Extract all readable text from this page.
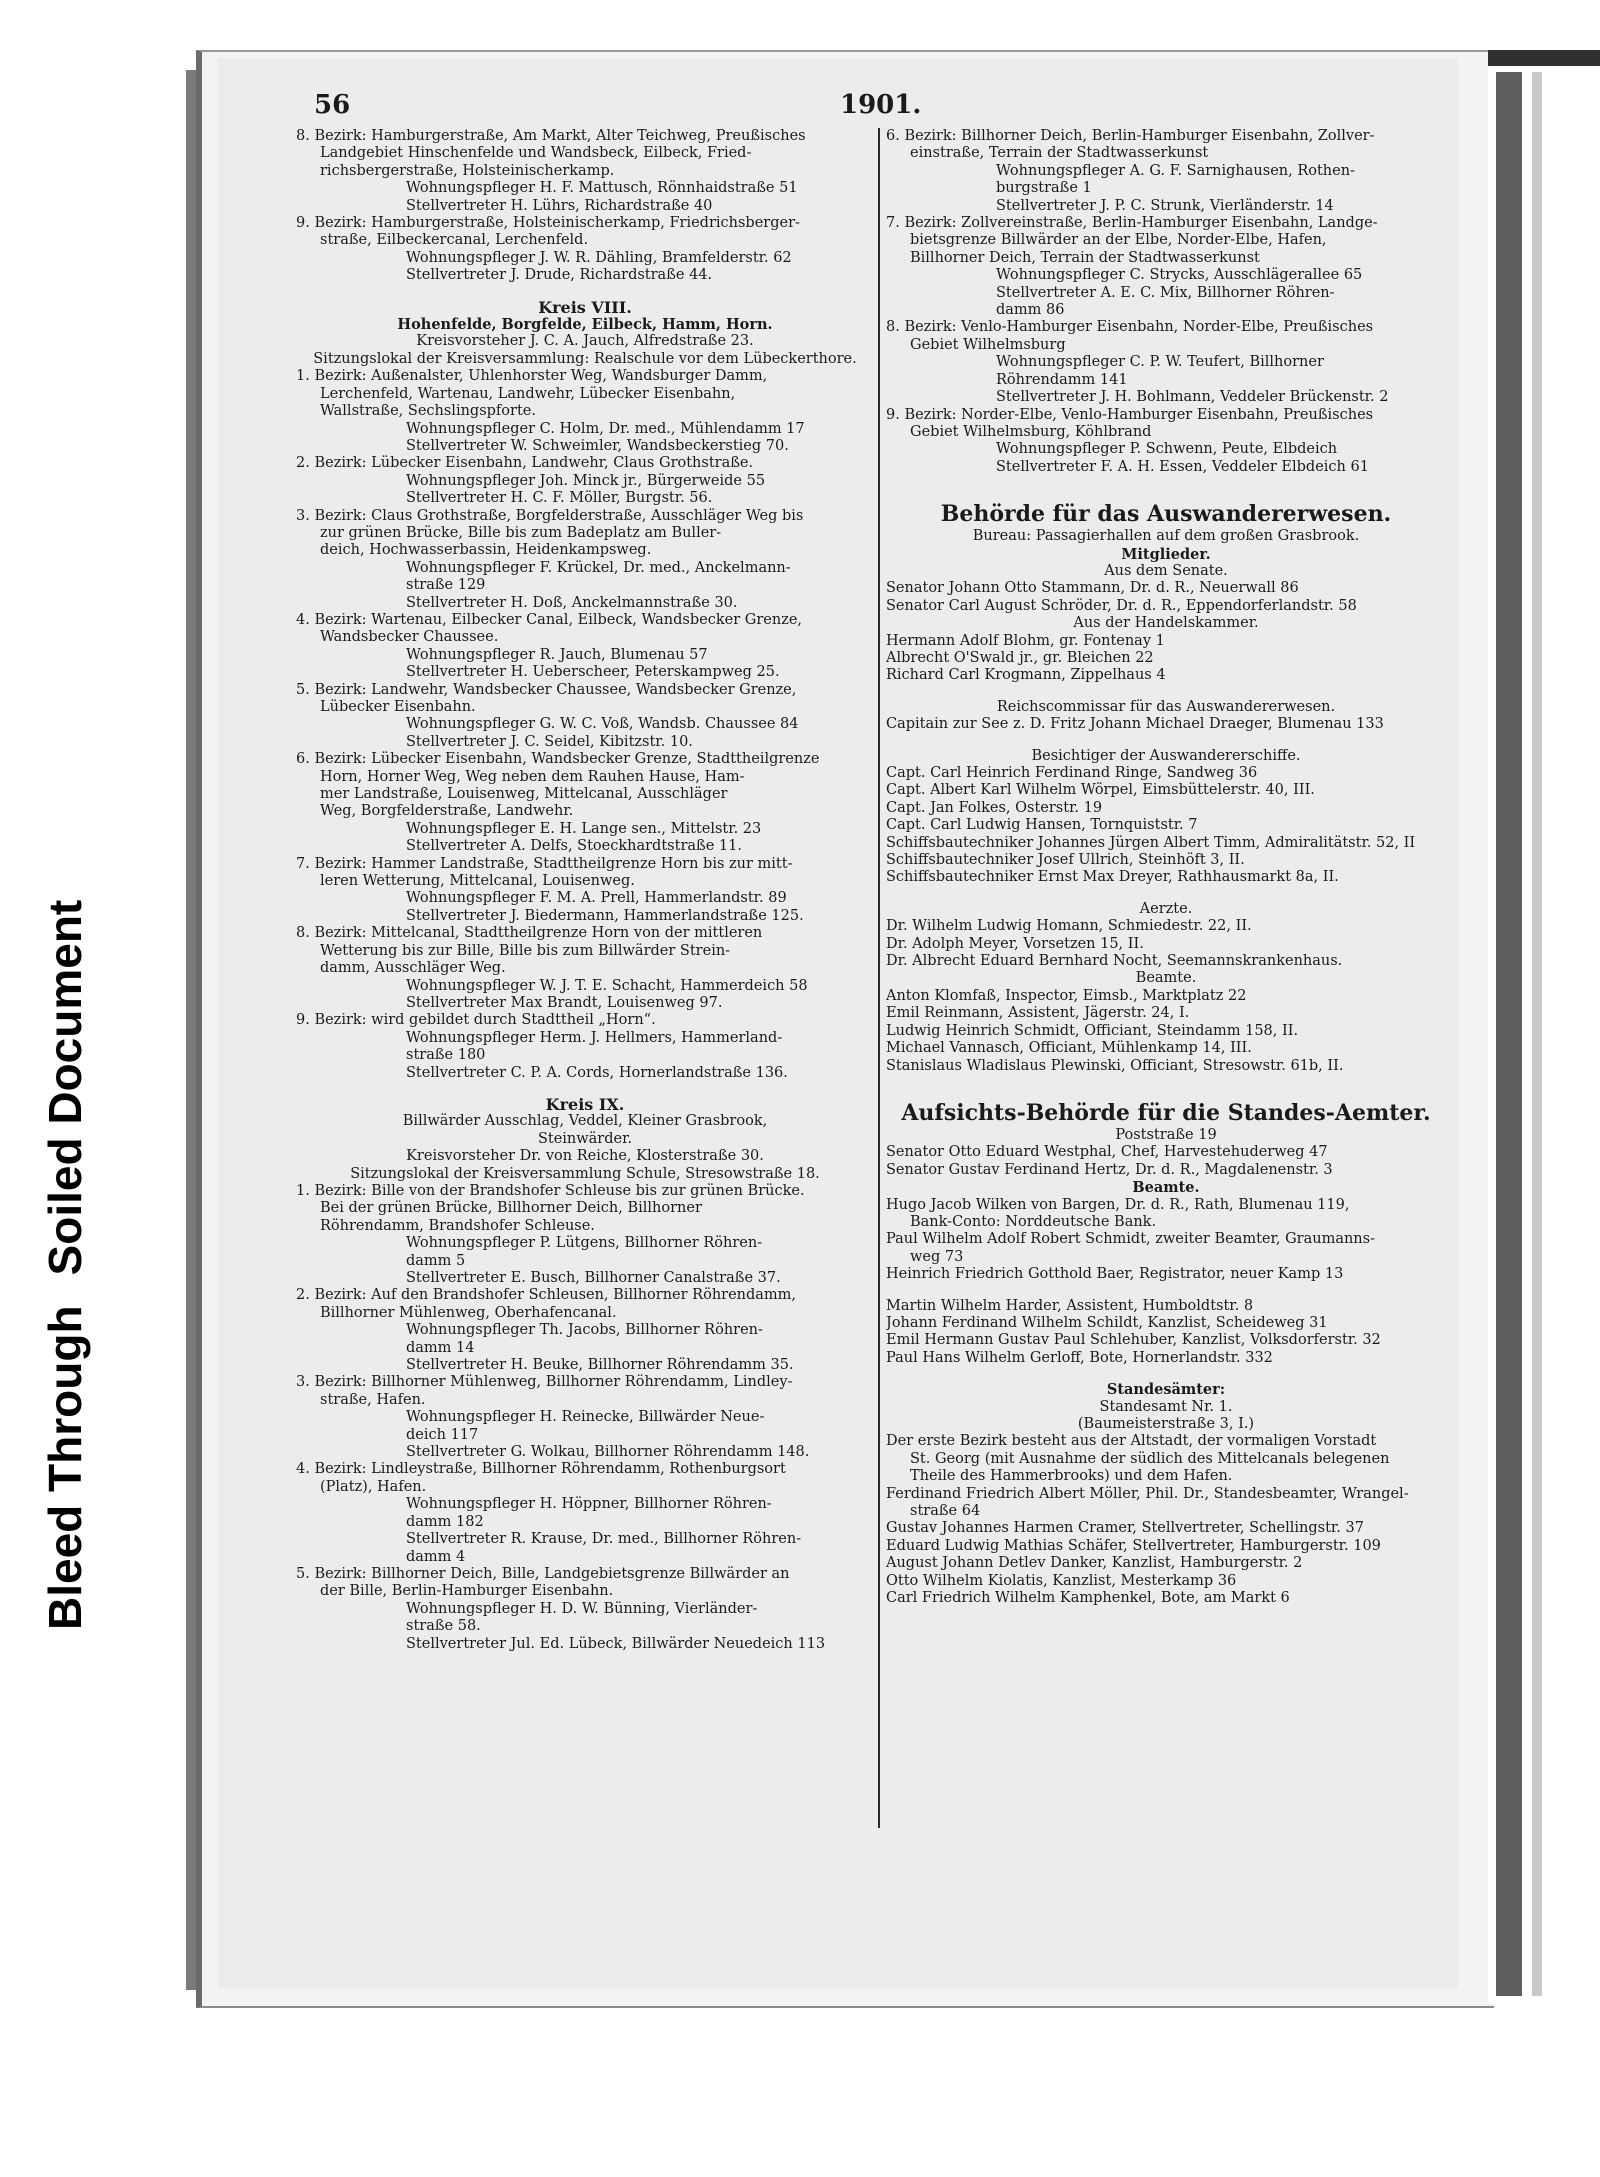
Bleed ThroughSoiled Document
56	1901.
8. Bezirk: Hamburgerstraße, Am Markt, Alter Teichweg, Preußisches
Landgebiet Hinschenfelde und Wandsbeck, Eilbeck, Fried-
richsbergerstraße, Holsteinischerkamp.
Wohnungspfleger H. F. Mattusch, Rönnhaidstraße 51
Stellvertreter H. Lührs, Richardstraße 40
9. Bezirk: Hamburgerstraße, Holsteinischerkamp, Friedrichsberger-
straße, Eilbeckercanal, Lerchenfeld.
Wohnungspfleger J. W. R. Dähling, Bramfelderstr. 62
Stellvertreter J. Drude, Richardstraße 44.
Kreis VIII.
Hohenfelde, Borgfelde, Eilbeck, Hamm, Horn.
Kreisvorsteher J. C. A. Jauch, Alfredstraße 23.
Sitzungslokal der Kreisversammlung: Realschule vor dem Lübeckerthore.
1. Bezirk: Außenalster, Uhlenhorster Weg, Wandsburger Damm,
Lerchenfeld, Wartenau, Landwehr, Lübecker Eisenbahn,
Wallstraße, Sechslingspforte.
Wohnungspfleger C. Holm, Dr. med., Mühlendamm 17
Stellvertreter W. Schweimler, Wandsbeckerstieg 70.
2. Bezirk: Lübecker Eisenbahn, Landwehr, Claus Grothstraße.
Wohnungspfleger Joh. Minck jr., Bürgerweide 55
Stellvertreter H. C. F. Möller, Burgstr. 56.
3. Bezirk: Claus Grothstraße, Borgfelderstraße, Ausschläger Weg bis
zur grünen Brücke, Bille bis zum Badeplatz am Buller-
deich, Hochwasserbassin, Heidenkampsweg.
Wohnungspfleger F. Krückel, Dr. med., Anckelmann-
straße 129
Stellvertreter H. Doß, Anckelmannstraße 30.
4. Bezirk: Wartenau, Eilbecker Canal, Eilbeck, Wandsbecker Grenze,
Wandsbecker Chaussee.
Wohnungspfleger R. Jauch, Blumenau 57
Stellvertreter H. Ueberscheer, Peterskampweg 25.
5. Bezirk: Landwehr, Wandsbecker Chaussee, Wandsbecker Grenze,
Lübecker Eisenbahn.
Wohnungspfleger G. W. C. Voß, Wandsb. Chaussee 84
Stellvertreter J. C. Seidel, Kibitzstr. 10.
6. Bezirk: Lübecker Eisenbahn, Wandsbecker Grenze, Stadttheilgrenze
Horn, Horner Weg, Weg neben dem Rauhen Hause, Ham-
mer Landstraße, Louisenweg, Mittelcanal, Ausschläger
Weg, Borgfelderstraße, Landwehr.
Wohnungspfleger E. H. Lange sen., Mittelstr. 23
Stellvertreter A. Delfs, Stoeckhardtstraße 11.
7. Bezirk: Hammer Landstraße, Stadttheilgrenze Horn bis zur mitt-
leren Wetterung, Mittelcanal, Louisenweg.
Wohnungspfleger F. M. A. Prell, Hammerlandstr. 89
Stellvertreter J. Biedermann, Hammerlandstraße 125.
8. Bezirk: Mittelcanal, Stadttheilgrenze Horn von der mittleren
Wetterung bis zur Bille, Bille bis zum Billwärder Strein-
damm, Ausschläger Weg.
Wohnungspfleger W. J. T. E. Schacht, Hammerdeich 58
Stellvertreter Max Brandt, Louisenweg 97.
9. Bezirk: wird gebildet durch Stadttheil „Horn“.
Wohnungspfleger Herm. J. Hellmers, Hammerland-
straße 180
Stellvertreter C. P. A. Cords, Hornerlandstraße 136.
Kreis IX.
Billwärder Ausschlag, Veddel, Kleiner Grasbrook,
Steinwärder.
Kreisvorsteher Dr. von Reiche, Klosterstraße 30.
Sitzungslokal der Kreisversammlung Schule, Stresowstraße 18.
1. Bezirk: Bille von der Brandshofer Schleuse bis zur grünen Brücke.
Bei der grünen Brücke, Billhorner Deich, Billhorner
Röhrendamm, Brandshofer Schleuse.
Wohnungspfleger P. Lütgens, Billhorner Röhren-
damm 5
Stellvertreter E. Busch, Billhorner Canalstraße 37.
2. Bezirk: Auf den Brandshofer Schleusen, Billhorner Röhrendamm,
Billhorner Mühlenweg, Oberhafencanal.
Wohnungspfleger Th. Jacobs, Billhorner Röhren-
damm 14
Stellvertreter H. Beuke, Billhorner Röhrendamm 35.
3. Bezirk: Billhorner Mühlenweg, Billhorner Röhrendamm, Lindley-
straße, Hafen.
Wohnungspfleger H. Reinecke, Billwärder Neue-
deich 117
Stellvertreter G. Wolkau, Billhorner Röhrendamm 148.
4. Bezirk: Lindleystraße, Billhorner Röhrendamm, Rothenburgsort
(Platz), Hafen.
Wohnungspfleger H. Höppner, Billhorner Röhren-
damm 182
Stellvertreter R. Krause, Dr. med., Billhorner Röhren-
damm 4
5. Bezirk: Billhorner Deich, Bille, Landgebietsgrenze Billwärder an
der Bille, Berlin-Hamburger Eisenbahn.
Wohnungspfleger H. D. W. Bünning, Vierländer-
straße 58.
Stellvertreter Jul. Ed. Lübeck, Billwärder Neuedeich 113
6. Bezirk: Billhorner Deich, Berlin-Hamburger Eisenbahn, Zollver-
einstraße, Terrain der Stadtwasserkunst
Wohnungspfleger A. G. F. Sarnighausen, Rothen-
burgstraße 1
Stellvertreter J. P. C. Strunk, Vierländerstr. 14
7. Bezirk: Zollvereinstraße, Berlin-Hamburger Eisenbahn, Landge-
bietsgrenze Billwärder an der Elbe, Norder-Elbe, Hafen,
Billhorner Deich, Terrain der Stadtwasserkunst
Wohnungspfleger C. Strycks, Ausschlägerallee 65
Stellvertreter A. E. C. Mix, Billhorner Röhren-
damm 86
8. Bezirk: Venlo-Hamburger Eisenbahn, Norder-Elbe, Preußisches
Gebiet Wilhelmsburg
Wohnungspfleger C. P. W. Teufert, Billhorner
Röhrendamm 141
Stellvertreter J. H. Bohlmann, Veddeler Brückenstr. 2
9. Bezirk: Norder-Elbe, Venlo-Hamburger Eisenbahn, Preußisches
Gebiet Wilhelmsburg, Köhlbrand
Wohnungspfleger P. Schwenn, Peute, Elbdeich
Stellvertreter F. A. H. Essen, Veddeler Elbdeich 61
Behörde für das Auswandererwesen.
Bureau: Passagierhallen auf dem großen Grasbrook.
Mitglieder.
Aus dem Senate.
Senator Johann Otto Stammann, Dr. d. R., Neuerwall 86
Senator Carl August Schröder, Dr. d. R., Eppendorferlandstr. 58
Aus der Handelskammer.
Hermann Adolf Blohm, gr. Fontenay 1
Albrecht O'Swald jr., gr. Bleichen 22
Richard Carl Krogmann, Zippelhaus 4
Reichscommissar für das Auswandererwesen.
Capitain zur See z. D. Fritz Johann Michael Draeger, Blumenau 133
Besichtiger der Auswandererschiffe.
Capt. Carl Heinrich Ferdinand Ringe, Sandweg 36
Capt. Albert Karl Wilhelm Wörpel, Eimsbüttelerstr. 40, III.
Capt. Jan Folkes, Osterstr. 19
Capt. Carl Ludwig Hansen, Tornquiststr. 7
Schiffsbautechniker Johannes Jürgen Albert Timm, Admiralitätstr. 52, II
Schiffsbautechniker Josef Ullrich, Steinhöft 3, II.
Schiffsbautechniker Ernst Max Dreyer, Rathhausmarkt 8a, II.
Aerzte.
Dr. Wilhelm Ludwig Homann, Schmiedestr. 22, II.
Dr. Adolph Meyer, Vorsetzen 15, II.
Dr. Albrecht Eduard Bernhard Nocht, Seemannskrankenhaus.
Beamte.
Anton Klomfaß, Inspector, Eimsb., Marktplatz 22
Emil Reinmann, Assistent, Jägerstr. 24, I.
Ludwig Heinrich Schmidt, Officiant, Steindamm 158, II.
Michael Vannasch, Officiant, Mühlenkamp 14, III.
Stanislaus Wladislaus Plewinski, Officiant, Stresowstr. 61b, II.
Aufsichts-Behörde für die Standes-Aemter.
Poststraße 19
Senator Otto Eduard Westphal, Chef, Harvestehuderweg 47
Senator Gustav Ferdinand Hertz, Dr. d. R., Magdalenenstr. 3
Beamte.
Hugo Jacob Wilken von Bargen, Dr. d. R., Rath, Blumenau 119,
Bank-Conto: Norddeutsche Bank.
Paul Wilhelm Adolf Robert Schmidt, zweiter Beamter, Graumanns-
weg 73
Heinrich Friedrich Gotthold Baer, Registrator, neuer Kamp 13
Martin Wilhelm Harder, Assistent, Humboldtstr. 8
Johann Ferdinand Wilhelm Schildt, Kanzlist, Scheideweg 31
Emil Hermann Gustav Paul Schlehuber, Kanzlist, Volksdorferstr. 32
Paul Hans Wilhelm Gerloff, Bote, Hornerlandstr. 332
Standesämter:
Standesamt Nr. 1.
(Baumeisterstraße 3, I.)
Der erste Bezirk besteht aus der Altstadt, der vormaligen Vorstadt
St. Georg (mit Ausnahme der südlich des Mittelcanals belegenen
Theile des Hammerbrooks) und dem Hafen.
Ferdinand Friedrich Albert Möller, Phil. Dr., Standesbeamter, Wrangel-
straße 64
Gustav Johannes Harmen Cramer, Stellvertreter, Schellingstr. 37
Eduard Ludwig Mathias Schäfer, Stellvertreter, Hamburgerstr. 109
August Johann Detlev Danker, Kanzlist, Hamburgerstr. 2
Otto Wilhelm Kiolatis, Kanzlist, Mesterkamp 36
Carl Friedrich Wilhelm Kamphenkel, Bote, am Markt 6
